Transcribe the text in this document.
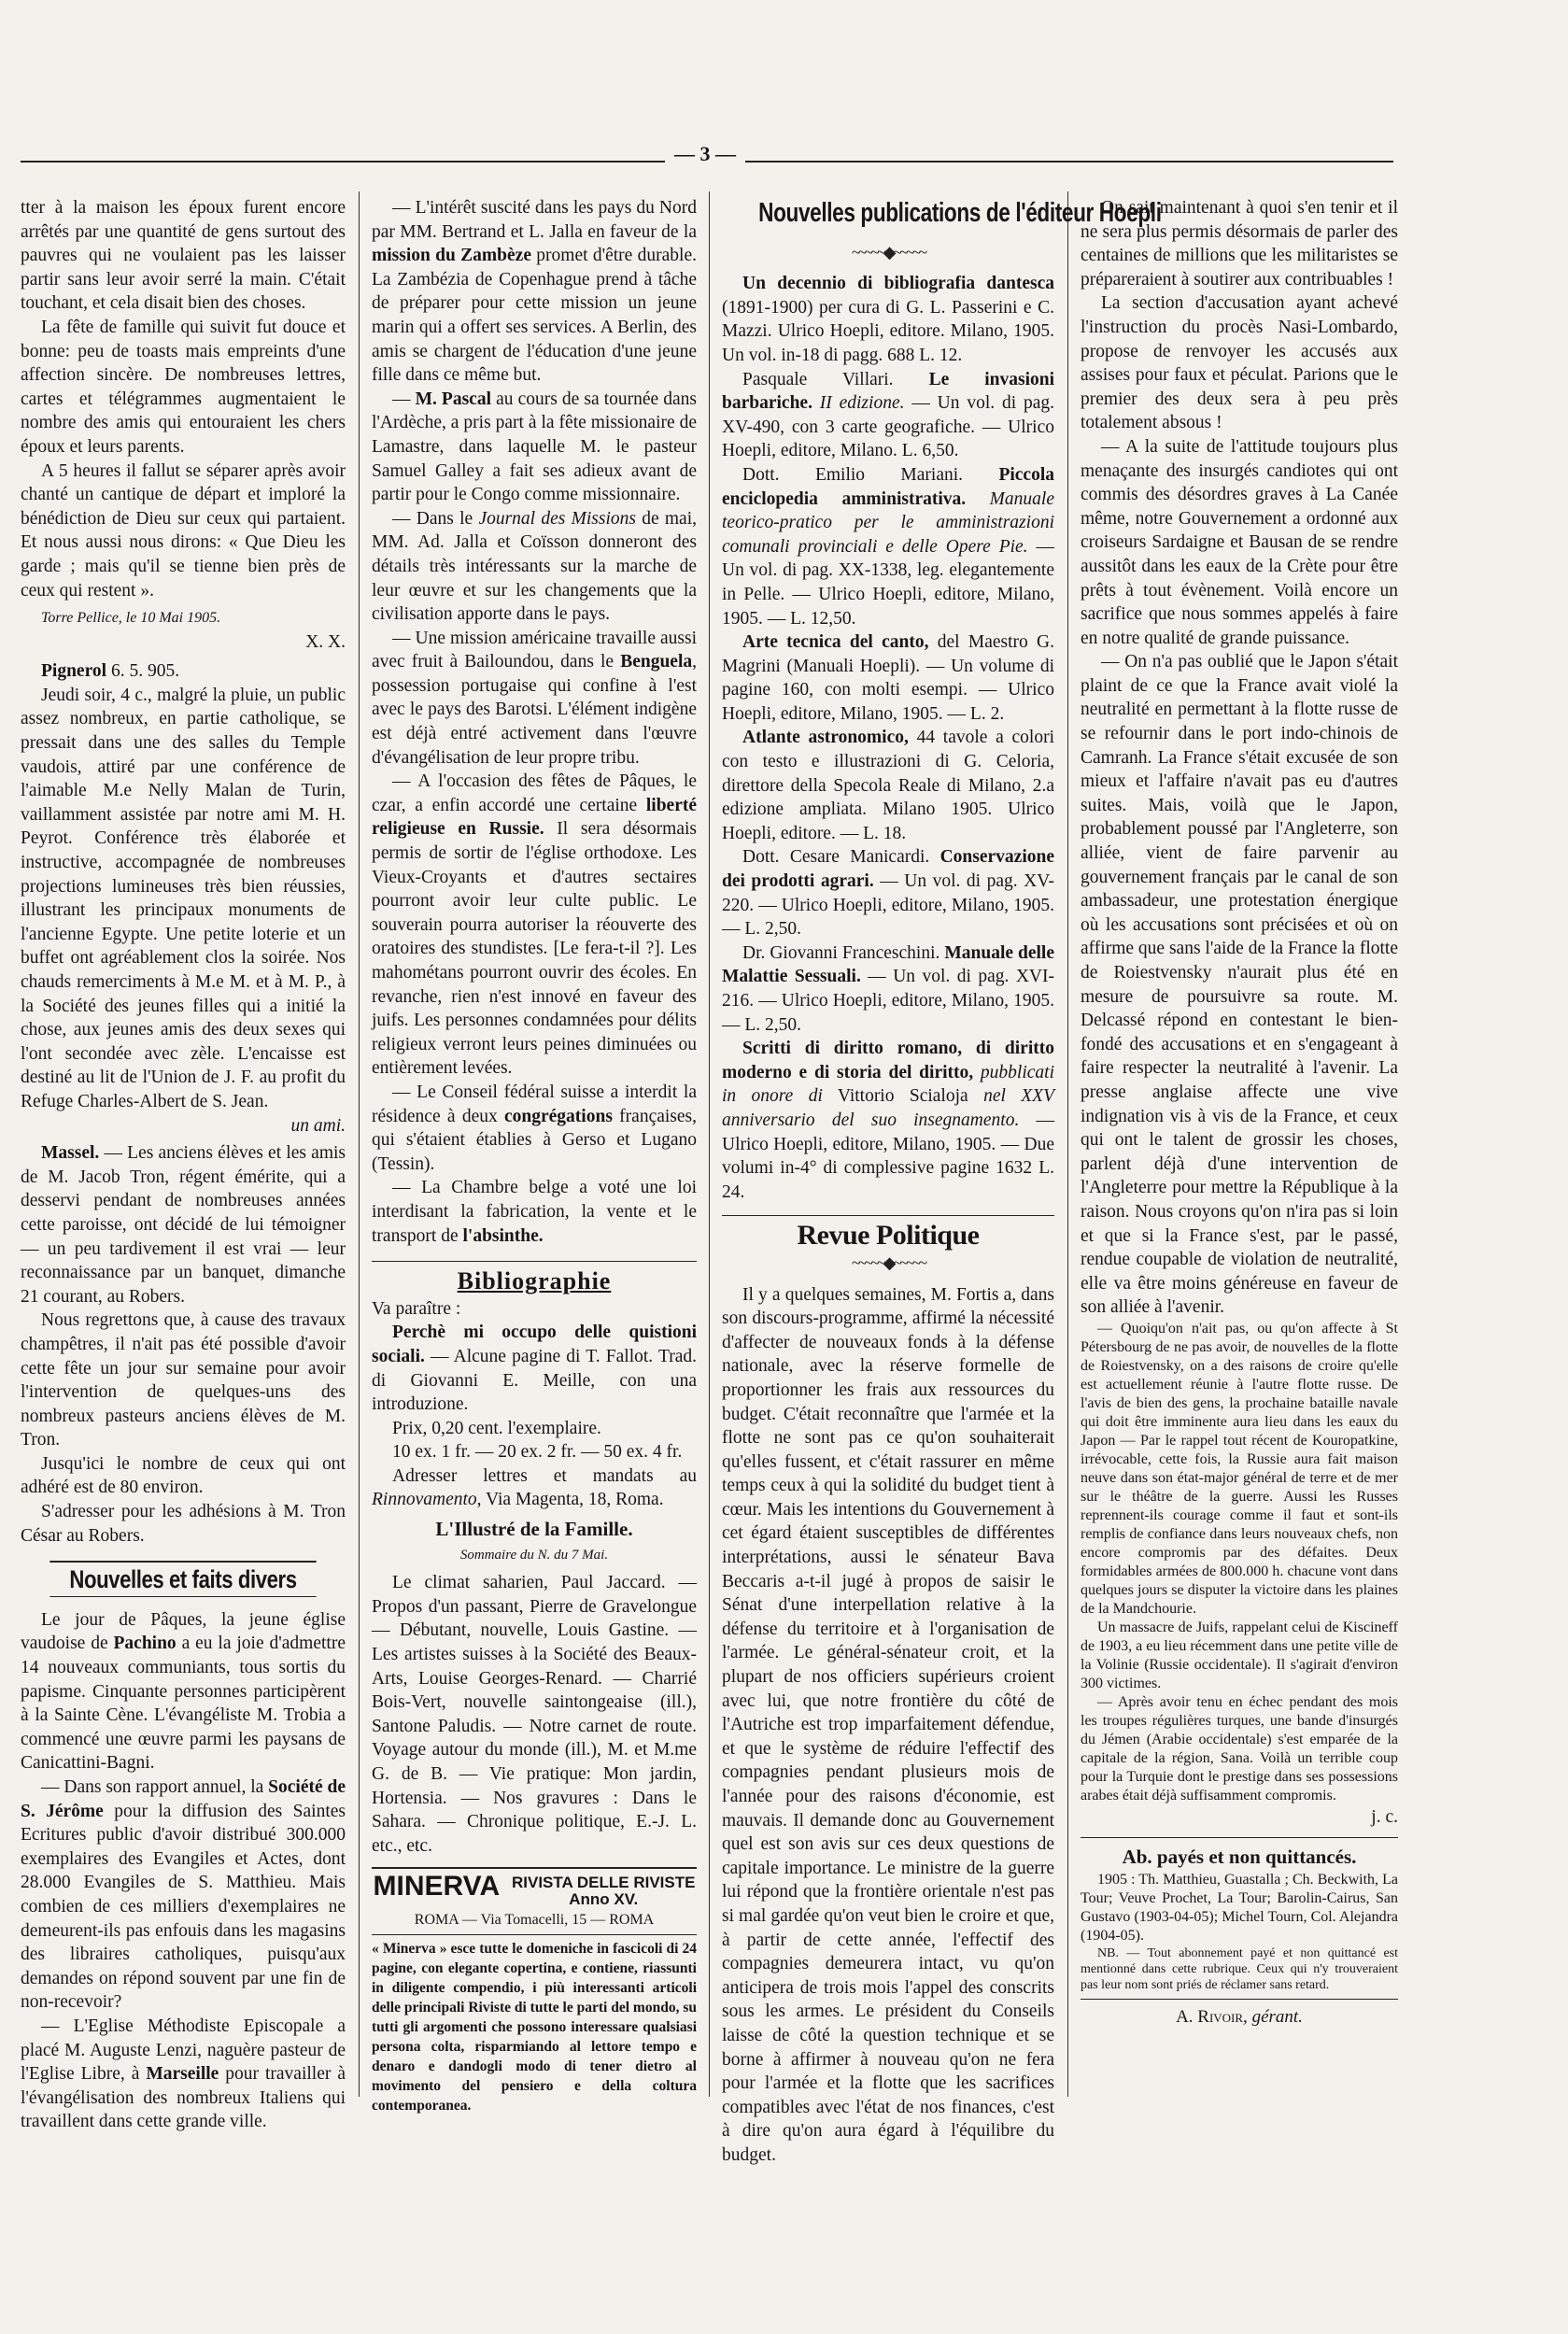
— 3 —

tter à la maison les époux furent encore arrêtés par une quantité de gens surtout des pauvres qui ne voulaient pas les laisser partir sans leur avoir serré la main. C'était touchant, et cela disait bien des choses.

La fête de famille qui suivit fut douce et bonne: peu de toasts mais empreints d'une affection sincère. De nombreuses lettres, cartes et télégrammes augmentaient le nombre des amis qui entouraient les chers époux et leurs parents.

A 5 heures il fallut se séparer après avoir chanté un cantique de départ et imploré la bénédiction de Dieu sur ceux qui partaient. Et nous aussi nous dirons: « Que Dieu les garde ; mais qu'il se tienne bien près de ceux qui restent ».

Torre Pellice, le 10 Mai 1905.

X. X.

Pignerol 6. 5. 905.

Jeudi soir, 4 c., malgré la pluie, un public assez nombreux, en partie catholique, se pressait dans une des salles du Temple vaudois, attiré par une conférence de l'aimable M.e Nelly Malan de Turin, vaillamment assistée par notre ami M. H. Peyrot. Conférence très élaborée et instructive, accompagnée de nombreuses projections lumineuses très bien réussies, illustrant les principaux monuments de l'ancienne Egypte. Une petite loterie et un buffet ont agréablement clos la soirée. Nos chauds remerciments à M.e M. et à M. P., à la Société des jeunes filles qui a initié la chose, aux jeunes amis des deux sexes qui l'ont secondée avec zèle. L'encaisse est destiné au lit de l'Union de J. F. au profit du Refuge Charles-Albert de S. Jean.

un ami.

Massel. — Les anciens élèves et les amis de M. Jacob Tron, régent émérite, qui a desservi pendant de nombreuses années cette paroisse, ont décidé de lui témoigner — un peu tardivement il est vrai — leur reconnaissance par un banquet, dimanche 21 courant, au Robers.

Nous regrettons que, à cause des travaux champêtres, il n'ait pas été possible d'avoir cette fête un jour sur semaine pour avoir l'intervention de quelques-uns des nombreux pasteurs anciens élèves de M. Tron.

Jusqu'ici le nombre de ceux qui ont adhéré est de 80 environ.

S'adresser pour les adhésions à M. Tron César au Robers.

Nouvelles et faits divers

Le jour de Pâques, la jeune église vaudoise de Pachino a eu la joie d'admettre 14 nouveaux communiants, tous sortis du papisme. Cinquante personnes participèrent à la Sainte Cène. L'évangéliste M. Trobia a commencé une œuvre parmi les paysans de Canicattini-Bagni.

— Dans son rapport annuel, la Société de S. Jérôme pour la diffusion des Saintes Ecritures public d'avoir distribué 300.000 exemplaires des Evangiles et Actes, dont 28.000 Evangiles de S. Matthieu. Mais combien de ces milliers d'exemplaires ne demeurent-ils pas enfouis dans les magasins des libraires catholiques, puisqu'aux demandes on répond souvent par une fin de non-recevoir?

— L'Eglise Méthodiste Episcopale a placé M. Auguste Lenzi, naguère pasteur de l'Eglise Libre, à Marseille pour travailler à l'évangélisation des nombreux Italiens qui travaillent dans cette grande ville.

— L'intérêt suscité dans les pays du Nord par MM. Bertrand et L. Jalla en faveur de la mission du Zambèze promet d'être durable. La Zambézia de Copenhague prend à tâche de préparer pour cette mission un jeune marin qui a offert ses services. A Berlin, des amis se chargent de l'éducation d'une jeune fille dans ce même but.

— M. Pascal au cours de sa tournée dans l'Ardèche, a pris part à la fête missionaire de Lamastre, dans laquelle M. le pasteur Samuel Galley a fait ses adieux avant de partir pour le Congo comme missionnaire.

— Dans le Journal des Missions de mai, MM. Ad. Jalla et Coïsson donneront des détails très intéressants sur la marche de leur œuvre et sur les changements que la civilisation apporte dans le pays.

— Une mission américaine travaille aussi avec fruit à Bailoundou, dans le Benguela, possession portugaise qui confine à l'est avec le pays des Barotsi. L'élément indigène est déjà entré activement dans l'œuvre d'évangélisation de leur propre tribu.

— A l'occasion des fêtes de Pâques, le czar, a enfin accordé une certaine liberté religieuse en Russie. Il sera désormais permis de sortir de l'église orthodoxe. Les Vieux-Croyants et d'autres sectaires pourront avoir leur culte public. Le souverain pourra autoriser la réouverte des oratoires des stundistes. [Le fera-t-il ?]. Les mahométans pourront ouvrir des écoles. En revanche, rien n'est innové en faveur des juifs. Les personnes condamnées pour délits religieux verront leurs peines diminuées ou entièrement levées.

— Le Conseil fédéral suisse a interdit la résidence à deux congrégations françaises, qui s'étaient établies à Gerso et Lugano (Tessin).

— La Chambre belge a voté une loi interdisant la fabrication, la vente et le transport de l'absinthe.

Bibliographie

Va paraître :

Perchè mi occupo delle quistioni sociali. — Alcune pagine di T. Fallot. Trad. di Giovanni E. Meille, con una introduzione.

Prix, 0,20 cent. l'exemplaire.

10 ex. 1 fr. — 20 ex. 2 fr. — 50 ex. 4 fr.

Adresser lettres et mandats au Rinnovamento, Via Magenta, 18, Roma.

L'Illustré de la Famille.
Sommaire du N. du 7 Mai.

Le climat saharien, Paul Jaccard. — Propos d'un passant, Pierre de Gravelongue — Débutant, nouvelle, Louis Gastine. — Les artistes suisses à la Société des Beaux-Arts, Louise Georges-Renard. — Charrié Bois-Vert, nouvelle saintongeaise (ill.), Santone Paludis. — Notre carnet de route. Voyage autour du monde (ill.), M. et M.me G. de B. — Vie pratique: Mon jardin, Hortensia. — Nos gravures : Dans le Sahara. — Chronique politique, E.-J. L. etc., etc.

MINERVA RIVISTA DELLE RIVISTE
Anno XV.
ROMA — Via Tomacelli, 15 — ROMA
« Minerva » esce tutte le domeniche in fascicoli di 24 pagine, con elegante copertina, e contiene, riassunti in diligente compendio, i più interessanti articoli delle principali Riviste di tutte le parti del mondo, su tutti gli argomenti che possono interessare qualsiasi persona colta, risparmiando al lettore tempo e denaro e dandogli modo di tener dietro al movimento del pensiero e della coltura contemporanea.
Nouvelles publications de l'éditeur Hoepli
~~~~~◆~~~~~

Un decennio di bibliografia dantesca (1891-1900) per cura di G. L. Passerini e C. Mazzi. Ulrico Hoepli, editore. Milano, 1905. Un vol. in-18 di pagg. 688 L. 12.

Pasquale Villari. Le invasioni barbariche. II edizione. — Un vol. di pag. XV-490, con 3 carte geografiche. — Ulrico Hoepli, editore, Milano. L. 6,50.

Dott. Emilio Mariani. Piccola enciclopedia amministrativa. Manuale teorico-pratico per le amministrazioni comunali provinciali e delle Opere Pie. — Un vol. di pag. XX-1338, leg. elegantemente in Pelle. — Ulrico Hoepli, editore, Milano, 1905. — L. 12,50.

Arte tecnica del canto, del Maestro G. Magrini (Manuali Hoepli). — Un volume di pagine 160, con molti esempi. — Ulrico Hoepli, editore, Milano, 1905. — L. 2.

Atlante astronomico, 44 tavole a colori con testo e illustrazioni di G. Celoria, direttore della Specola Reale di Milano, 2.a edizione ampliata. Milano 1905. Ulrico Hoepli, editore. — L. 18.

Dott. Cesare Manicardi. Conservazione dei prodotti agrari. — Un vol. di pag. XV-220. — Ulrico Hoepli, editore, Milano, 1905. — L. 2,50.

Dr. Giovanni Franceschini. Manuale delle Malattie Sessuali. — Un vol. di pag. XVI-216. — Ulrico Hoepli, editore, Milano, 1905. — L. 2,50.

Scritti di diritto romano, di diritto moderno e di storia del diritto, pubblicati in onore di Vittorio Scialoja nel XXV anniversario del suo insegnamento. — Ulrico Hoepli, editore, Milano, 1905. — Due volumi in-4° di complessive pagine 1632 L. 24.

Revue Politique
~~~~~◆~~~~~

Il y a quelques semaines, M. Fortis a, dans son discours-programme, affirmé la nécessité d'affecter de nouveaux fonds à la défense nationale, avec la réserve formelle de proportionner les frais aux ressources du budget. C'était reconnaître que l'armée et la flotte ne sont pas ce qu'on souhaiterait qu'elles fussent, et c'était rassurer en même temps ceux à qui la solidité du budget tient à cœur. Mais les intentions du Gouvernement à cet égard étaient susceptibles de différentes interprétations, aussi le sénateur Bava Beccaris a-t-il jugé à propos de saisir le Sénat d'une interpellation relative à la défense du territoire et à l'organisation de l'armée. Le général-sénateur croit, et la plupart de nos officiers supérieurs croient avec lui, que notre frontière du côté de l'Autriche est trop imparfaitement défendue, et que le système de réduire l'effectif des compagnies pendant plusieurs mois de l'année pour des raisons d'économie, est mauvais. Il demande donc au Gouvernement quel est son avis sur ces deux questions de capitale importance. Le ministre de la guerre lui répond que la frontière orientale n'est pas si mal gardée qu'on veut bien le croire et que, à partir de cette année, l'effectif des compagnies demeurera intact, vu qu'on anticipera de trois mois l'appel des conscrits sous les armes. Le président du Conseils laisse de côté la question technique et se borne à affirmer à nouveau qu'on ne fera pour l'armée et la flotte que les sacrifices compatibles avec l'état de nos finances, c'est à dire qu'on aura égard à l'équilibre du budget.

On sait maintenant à quoi s'en tenir et il ne sera plus permis désormais de parler des centaines de millions que les militaristes se prépareraient à soutirer aux contribuables !

La section d'accusation ayant achevé l'instruction du procès Nasi-Lombardo, propose de renvoyer les accusés aux assises pour faux et péculat. Parions que le premier des deux sera à peu près totalement absous !

— A la suite de l'attitude toujours plus menaçante des insurgés candiotes qui ont commis des désordres graves à La Canée même, notre Gouvernement a ordonné aux croiseurs Sardaigne et Bausan de se rendre aussitôt dans les eaux de la Crète pour être prêts à tout évènement. Voilà encore un sacrifice que nous sommes appelés à faire en notre qualité de grande puissance.

— On n'a pas oublié que le Japon s'était plaint de ce que la France avait violé la neutralité en permettant à la flotte russe de se refournir dans le port indo-chinois de Camranh. La France s'était excusée de son mieux et l'affaire n'avait pas eu d'autres suites. Mais, voilà que le Japon, probablement poussé par l'Angleterre, son alliée, vient de faire parvenir au gouvernement français par le canal de son ambassadeur, une protestation énergique où les accusations sont précisées et où on affirme que sans l'aide de la France la flotte de Roiestvensky n'aurait plus été en mesure de poursuivre sa route. M. Delcassé répond en contestant le bien-fondé des accusations et en s'engageant à faire respecter la neutralité à l'avenir. La presse anglaise affecte une vive indignation vis à vis de la France, et ceux qui ont le talent de grossir les choses, parlent déjà d'une intervention de l'Angleterre pour mettre la République à la raison. Nous croyons qu'on n'ira pas si loin et que si la France s'est, par le passé, rendue coupable de violation de neutralité, elle va être moins généreuse en faveur de son alliée à l'avenir.

— Quoiqu'on n'ait pas, ou qu'on affecte à St Pétersbourg de ne pas avoir, de nouvelles de la flotte de Roiestvensky, on a des raisons de croire qu'elle est actuellement réunie à l'autre flotte russe. De l'avis de bien des gens, la prochaine bataille navale qui doit être imminente aura lieu dans les eaux du Japon — Par le rappel tout récent de Kouropatkine, irrévocable, cette fois, la Russie aura fait maison neuve dans son état-major général de terre et de mer sur le théâtre de la guerre. Aussi les Russes reprennent-ils courage comme il faut et sont-ils remplis de confiance dans leurs nouveaux chefs, non encore compromis par des défaites. Deux formidables armées de 800.000 h. chacune vont dans quelques jours se disputer la victoire dans les plaines de la Mandchourie.

Un massacre de Juifs, rappelant celui de Kiscineff de 1903, a eu lieu récemment dans une petite ville de la Volinie (Russie occidentale). Il s'agirait d'environ 300 victimes.

— Après avoir tenu en échec pendant des mois les troupes régulières turques, une bande d'insurgés du Jémen (Arabie occidentale) s'est emparée de la capitale de la région, Sana. Voilà un terrible coup pour la Turquie dont le prestige dans ses possessions arabes était déjà suffisamment compromis.

j. c.

Ab. payés et non quittancés.

1905 : Th. Matthieu, Guastalla ; Ch. Beckwith, La Tour; Veuve Prochet, La Tour; Barolin-Cairus, San Gustavo (1903-04-05); Michel Tourn, Col. Alejandra (1904-05).

NB. — Tout abonnement payé et non quittancé est mentionné dans cette rubrique. Ceux qui n'y trouveraient pas leur nom sont priés de réclamer sans retard.

A. Rivoir, gérant.
